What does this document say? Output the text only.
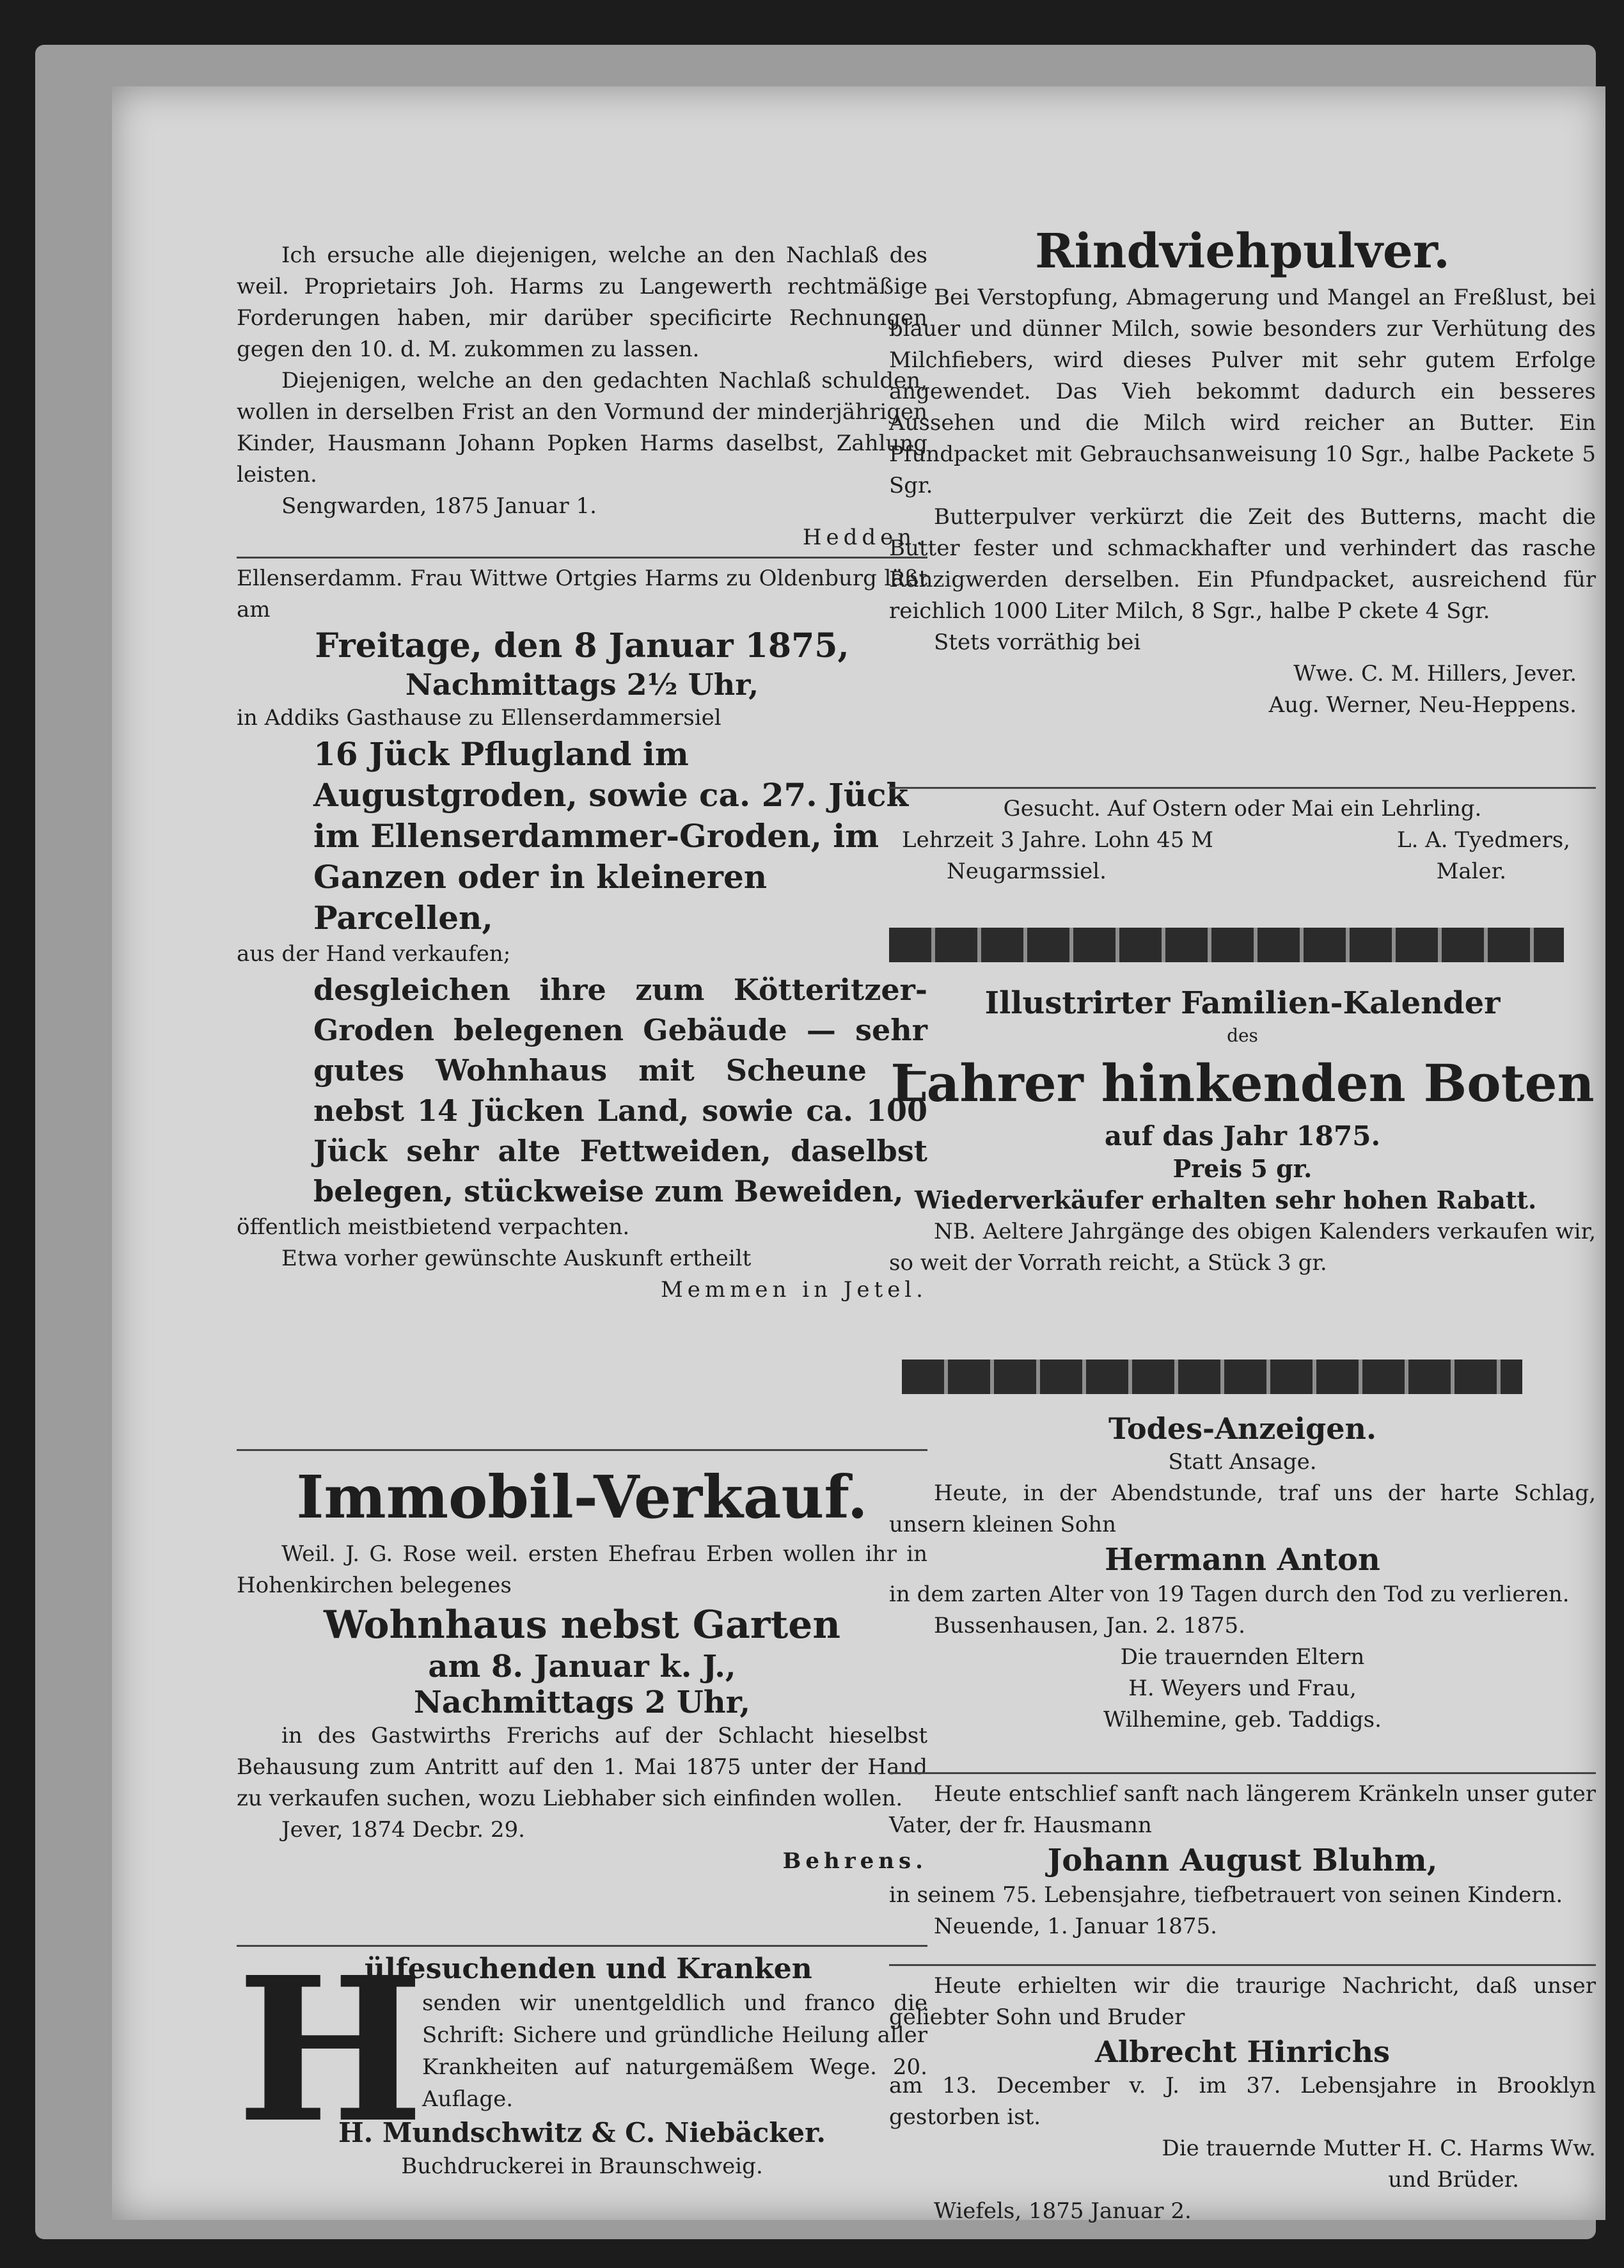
Ich ersuche alle diejenigen, welche an den Nachlaß des weil. Proprietairs Joh. Harms zu Langewerth rechtmäßige Forderungen haben, mir darüber specificirte Rechnungen gegen den 10. d. M. zukommen zu lassen.

Diejenigen, welche an den gedachten Nachlaß schulden, wollen in derselben Frist an den Vormund der minderjährigen Kinder, Hausmann Johann Popken Harms daselbst, Zahlung leisten.

Sengwarden, 1875 Januar 1.

Hedden.

Ellenserdamm. Frau Wittwe Ortgies Harms zu Oldenburg läßt am

Freitage, den 8 Januar 1875,

Nachmittags 2½ Uhr,

in Addiks Gasthause zu Ellenserdammersiel

16 Jück Pflugland im Augustgroden, sowie ca. 27. Jück im Ellenserdammer-Groden, im Ganzen oder in kleineren Parcellen,

aus der Hand verkaufen;

desgleichen ihre zum Kötteritzer-Groden belegenen Gebäude — sehr gutes Wohnhaus mit Scheune — nebst 14 Jücken Land, sowie ca. 100 Jück sehr alte Fettweiden, daselbst belegen, stückweise zum Beweiden,

öffentlich meistbietend verpachten.

Etwa vorher gewünschte Auskunft ertheilt

Memmen in Jetel.

Immobil-Verkauf.

Weil. J. G. Rose weil. ersten Ehefrau Erben wollen ihr in Hohenkirchen belegenes

Wohnhaus nebst Garten

am 8. Januar k. J.,

Nachmittags 2 Uhr,

in des Gastwirths Frerichs auf der Schlacht hieselbst Behausung zum Antritt auf den 1. Mai 1875 unter der Hand zu verkaufen suchen, wozu Liebhaber sich einfinden wollen.

Jever, 1874 Decbr. 29.

Behrens.

H

ülfesuchenden und Kranken

senden wir unentgeldlich und franco die Schrift: Sichere und gründliche Heilung aller Krankheiten auf naturgemäßem Wege. 20. Auflage.

H. Mundschwitz & C. Niebäcker.

Buchdruckerei in Braunschweig.

Rindviehpulver.

Bei Verstopfung, Abmagerung und Mangel an Freßlust, bei blauer und dünner Milch, sowie besonders zur Verhütung des Milchfiebers, wird dieses Pulver mit sehr gutem Erfolge angewendet. Das Vieh bekommt dadurch ein besseres Aussehen und die Milch wird reicher an Butter. Ein Pfundpacket mit Gebrauchsanweisung 10 Sgr., halbe Packete 5 Sgr.

Butterpulver verkürzt die Zeit des Butterns, macht die Butter fester und schmackhafter und verhindert das rasche Ranzigwerden derselben. Ein Pfundpacket, ausreichend für reichlich 1000 Liter Milch, 8 Sgr., halbe P ckete 4 Sgr.

Stets vorräthig bei

Wwe. C. M. Hillers, Jever.

Aug. Werner, Neu-Heppens.

Gesucht. Auf Ostern oder Mai ein Lehrling.

Lehrzeit 3 Jahre. Lohn 45 M	L. A. Tyedmers,

Neugarmssiel.	Maler.

Illustrirter Familien-Kalender

des

Lahrer hinkenden Boten

auf das Jahr 1875.

Preis 5 gr.

Wiederverkäufer erhalten sehr hohen Rabatt.

NB. Aeltere Jahrgänge des obigen Kalenders verkaufen wir, so weit der Vorrath reicht, a Stück 3 gr.

Todes-Anzeigen.

Statt Ansage.

Heute, in der Abendstunde, traf uns der harte Schlag, unsern kleinen Sohn

Hermann Anton

in dem zarten Alter von 19 Tagen durch den Tod zu verlieren.

Bussenhausen, Jan. 2. 1875.

Die trauernden Eltern

H. Weyers und Frau,

Wilhemine, geb. Taddigs.

Heute entschlief sanft nach längerem Kränkeln unser guter Vater, der fr. Hausmann

Johann August Bluhm,

in seinem 75. Lebensjahre, tiefbetrauert von seinen Kindern.

Neuende, 1. Januar 1875.

Heute erhielten wir die traurige Nachricht, daß unser geliebter Sohn und Bruder

Albrecht Hinrichs

am 13. December v. J. im 37. Lebensjahre in Brooklyn gestorben ist.

Die trauernde Mutter H. C. Harms Ww.

und Brüder.

Wiefels, 1875 Januar 2.
